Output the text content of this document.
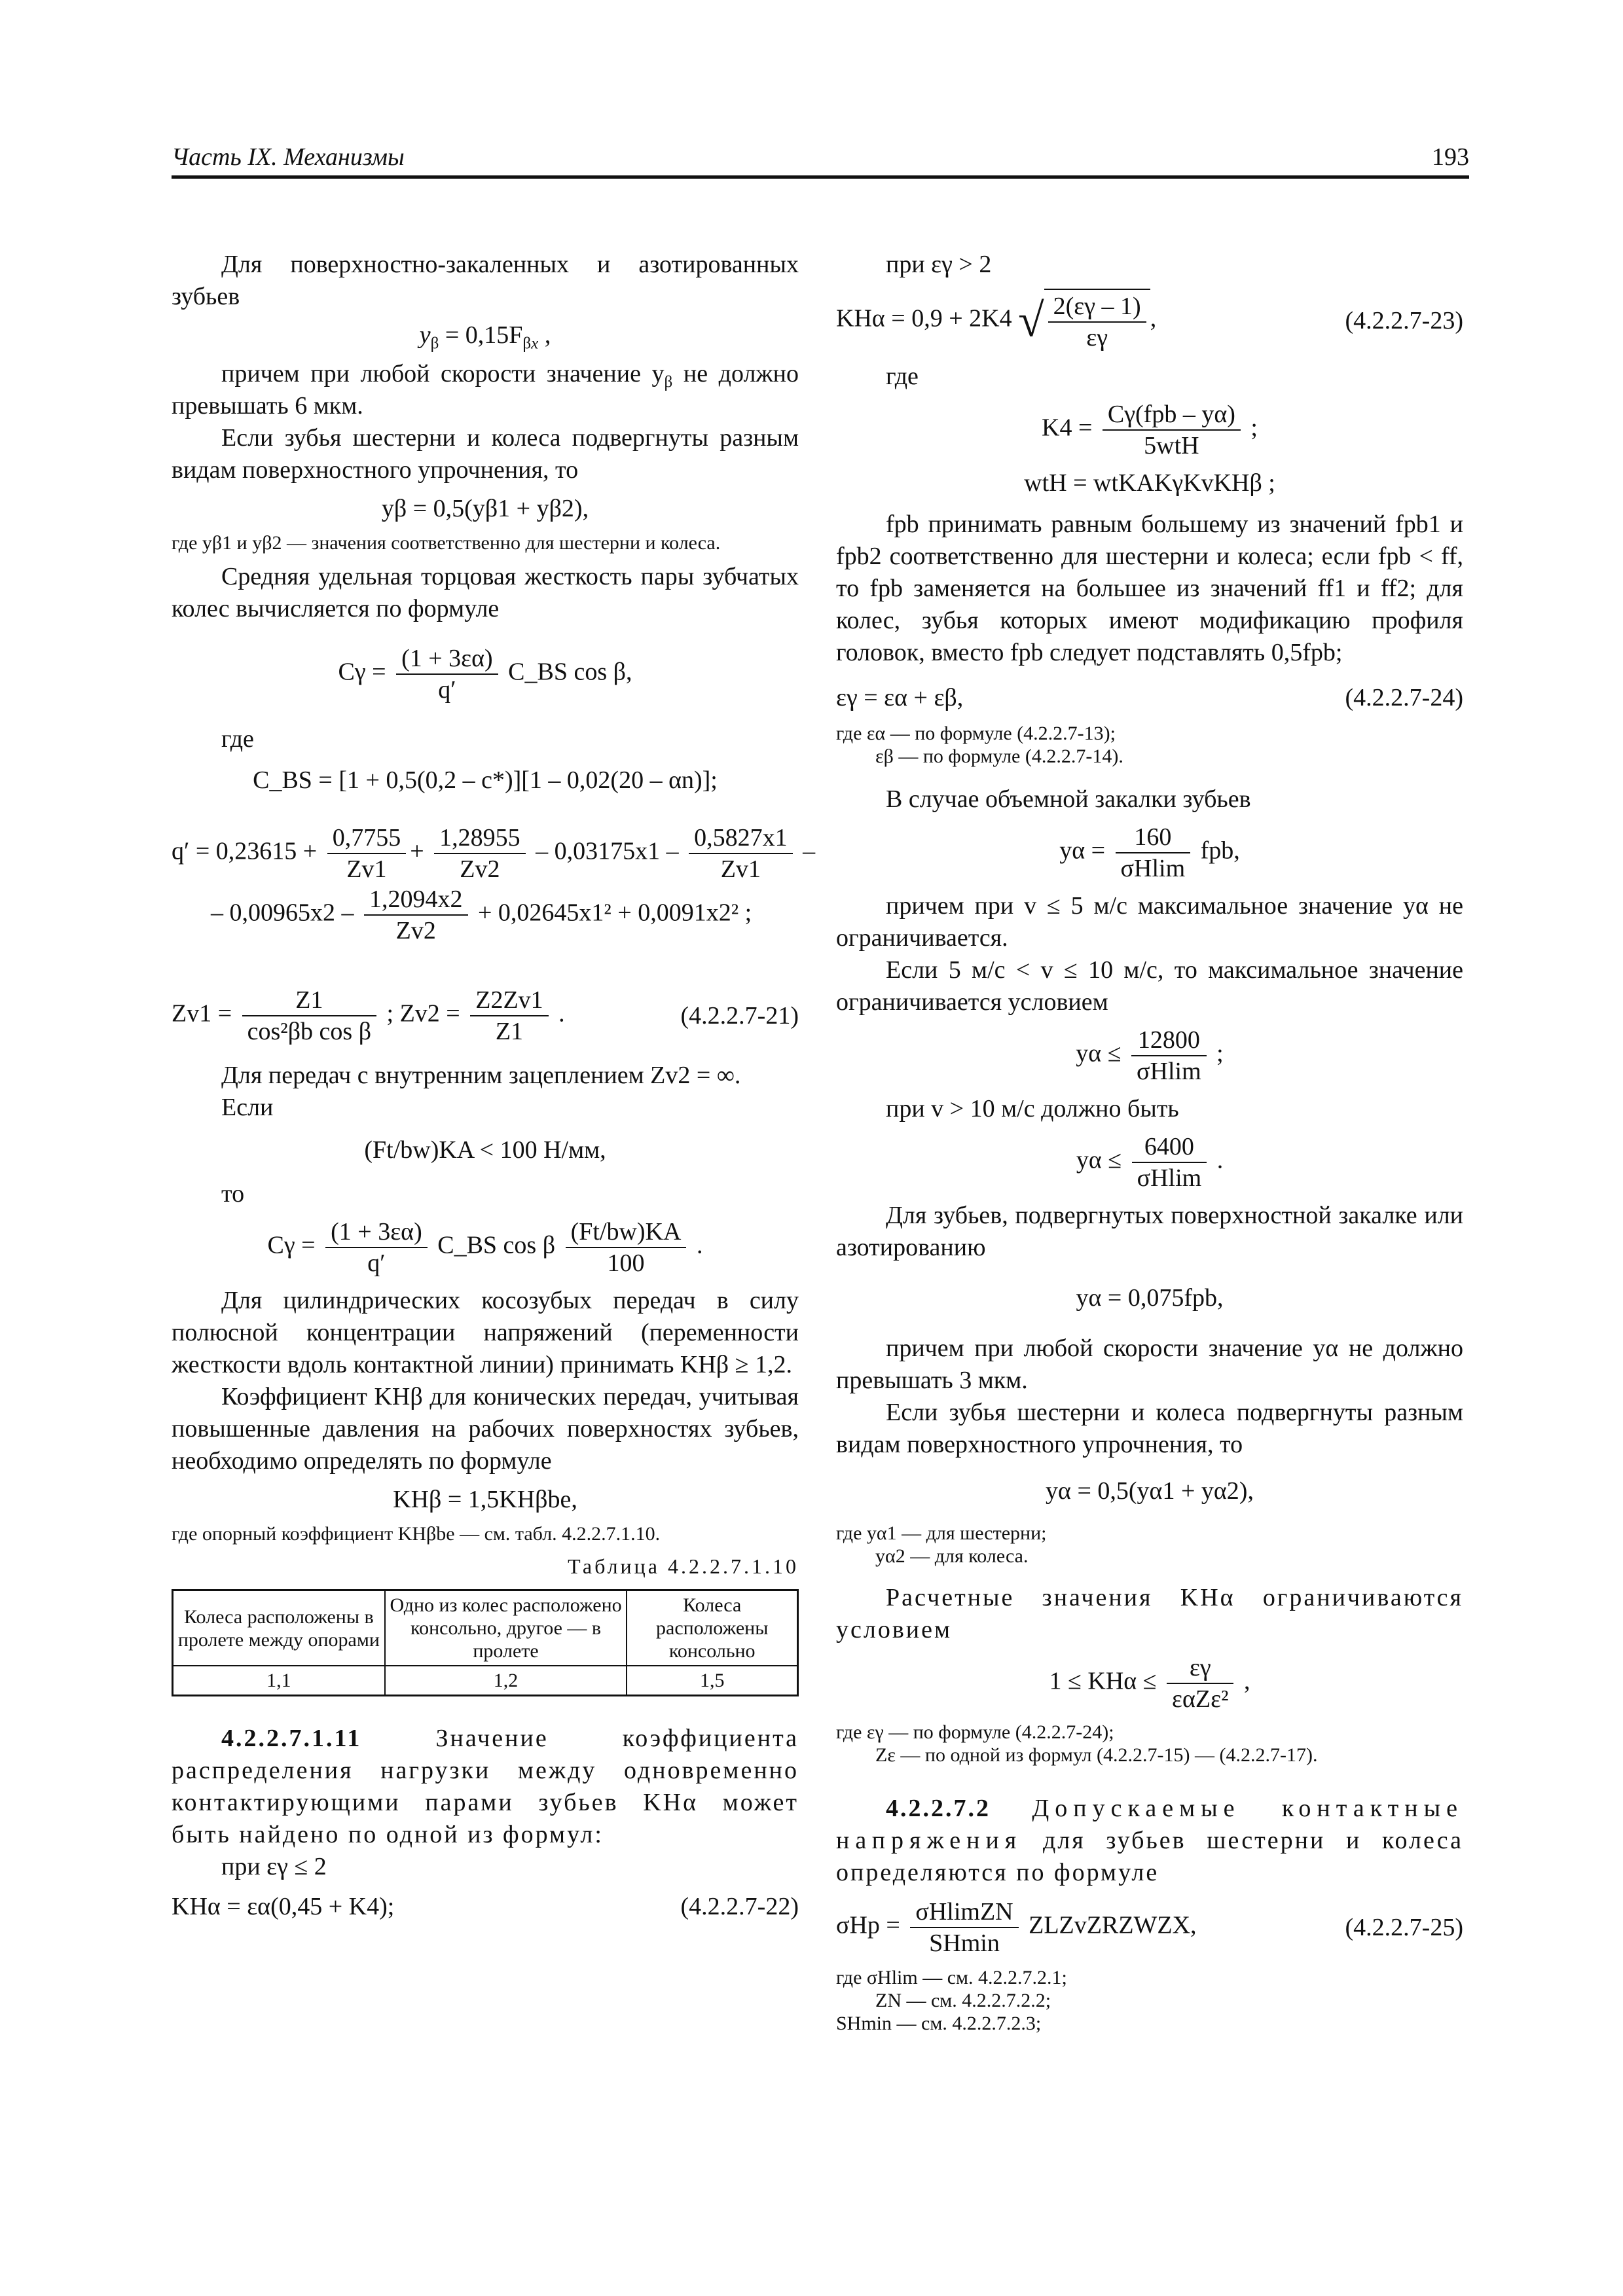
Часть IX. Механизмы	193

Для поверхностно-закаленных и азотированных зубьев

$y_\beta = 0,15F_{\beta x}$ ,

причем при любой скорости значение $y_\beta$ не должно превышать 6 мкм.

Если зубья шестерни и колеса подвергнуты разным видам поверхностного упрочнения, то

yβ = 0,5(yβ1 + yβ2),
где yβ1 и yβ2 — значения соответственно для шестерни и колеса.

Средняя удельная торцовая жесткость пары зубчатых колес вычисляется по формуле

$C\gamma = \frac{(1 + 3\varepsilon\alpha)}{q'}$ C_BS cos β,

где

C_BS = [1 + 0,5(0,2 – c*)][1 – 0,02(20 – αn)];
$q' = 0,23615 + \frac{0,7755}{Zv1} + \frac{1,28955}{Zv2} - 0,03175x1 - \frac{0,5827x1}{Zv1}$ –
– $0,00965x2 - \frac{1,2094x2}{Zv2} + 0,02645x1^2 + 0,0091x2^2$ ;
$Zv1 = \frac{Z1}{\text{cos²βb cos β}}$ ; $Zv2 = \frac{Z2Zv1}{Z1}$ .	(4.2.2.7-21)

Для передач с внутренним зацеплением Zv2 = ∞.

Если

(Ft/bw)KA < 100 Н/мм,

то

$C\gamma = \frac{(1 + 3\varepsilon\alpha)}{q'}$ C_BS cos β $\frac{(Ft/bw)KA}{100}$ .

Для цилиндрических косозубых передач в силу полюсной концентрации напряжений (переменности жесткости вдоль контактной линии) принимать KHβ ≥ 1,2.

Коэффициент KHβ для конических передач, учитывая повышенные давления на рабочих поверхностях зубьев, необходимо определять по формуле

KHβ = 1,5KHβbe,
где опорный коэффициент KHβbe — см. табл. 4.2.2.7.1.10.
Таблица 4.2.2.7.1.10
Колеса расположены в пролете между опорами	Одно из колес расположено консольно, другое — в пролете	Колеса расположены консольно
1,1	1,2	1,5

4.2.2.7.1.11 Значение коэффициента распределения нагрузки между одновременно контактирующими парами зубьев KHα может быть найдено по одной из формул:

при εγ ≤ 2

KHα = εα(0,45 + K4);	(4.2.2.7-22)

при εγ > 2

KHα = 0,9 + 2K4 √ $\frac{2(\varepsilon\gamma - 1)}{\varepsilon\gamma}$ ,	(4.2.2.7-23)

где

$K4 = \frac{\text{Cγ(fpb – yα)}}{\text{5wtH}}$ ;
wtH = wtKAKγKvKHβ ;

fpb принимать равным большему из значений fpb1 и fpb2 соответственно для шестерни и колеса; если fpb < ff, то fpb заменяется на большее из значений ff1 и ff2; для колес, зубья которых имеют модификацию профиля головок, вместо fpb следует подставлять 0,5fpb;

εγ = εα + εβ,	(4.2.2.7-24)
где εα — по формуле (4.2.2.7-13);
εβ — по формуле (4.2.2.7-14).

В случае объемной закалки зубьев

$y\alpha = \frac{160}{\sigma Hlim}$ fpb,

причем при v ≤ 5 м/с максимальное значение yα не ограничивается.

Если 5 м/с < v ≤ 10 м/с, то максимальное значение ограничивается условием

$y\alpha \le \frac{12800}{\sigma Hlim}$ ;

при v > 10 м/с должно быть

$y\alpha \le \frac{6400}{\sigma Hlim}$ .

Для зубьев, подвергнутых поверхностной закалке или азотированию

yα = 0,075fpb,

причем при любой скорости значение yα не должно превышать 3 мкм.

Если зубья шестерни и колеса подвергнуты разным видам поверхностного упрочнения, то

yα = 0,5(yα1 + yα2),
где yα1 — для шестерни;
yα2 — для колеса.

Расчетные значения KHα ограничиваются условием

$1 \le KH\alpha \le \frac{\varepsilon\gamma}{\text{εαZε²}}$ ,
где εγ — по формуле (4.2.2.7-24);
Zε — по одной из формул (4.2.2.7-15) — (4.2.2.7-17).

4.2.2.7.2 Допускаемые контактные напряжения для зубьев шестерни и колеса определяются по формуле

$\sigma Hp = \frac{\text{σHlimZN}}{SHmin}$ ZLZvZRZWZX,	(4.2.2.7-25)
где σHlim — см. 4.2.2.7.2.1;
ZN — см. 4.2.2.7.2.2;
SHmin — см. 4.2.2.7.2.3;
